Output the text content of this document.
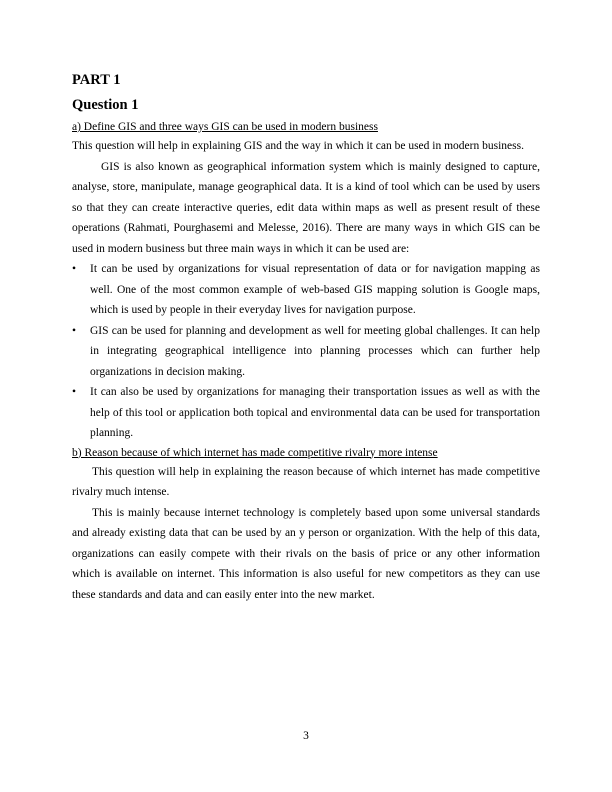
PART 1
Question 1

a) Define GIS and three ways GIS can be used in modern business

This question will help in explaining GIS and the way in which it can be used in modern business.

GIS is also known as geographical information system which is mainly designed to capture, analyse, store, manipulate, manage geographical data. It is a kind of tool which can be used by users so that they can create interactive queries, edit data within maps as well as present result of these operations (Rahmati, Pourghasemi and Melesse, 2016). There are many ways in which GIS can be used in modern business but three main ways in which it can be used are:

• It can be used by organizations for visual representation of data or for navigation mapping as well. One of the most common example of web-based GIS mapping solution is Google maps, which is used by people in their everyday lives for navigation purpose.
• GIS can be used for planning and development as well for meeting global challenges. It can help in integrating geographical intelligence into planning processes which can further help organizations in decision making.
• It can also be used by organizations for managing their transportation issues as well as with the help of this tool or application both topical and environmental data can be used for transportation planning.

b) Reason because of which internet has made competitive rivalry more intense

This question will help in explaining the reason because of which internet has made competitive rivalry much intense.

This is mainly because internet technology is completely based upon some universal standards and already existing data that can be used by an y person or organization. With the help of this data, organizations can easily compete with their rivals on the basis of price or any other information which is available on internet. This information is also useful for new competitors as they can use these standards and data and can easily enter into the new market.

3
